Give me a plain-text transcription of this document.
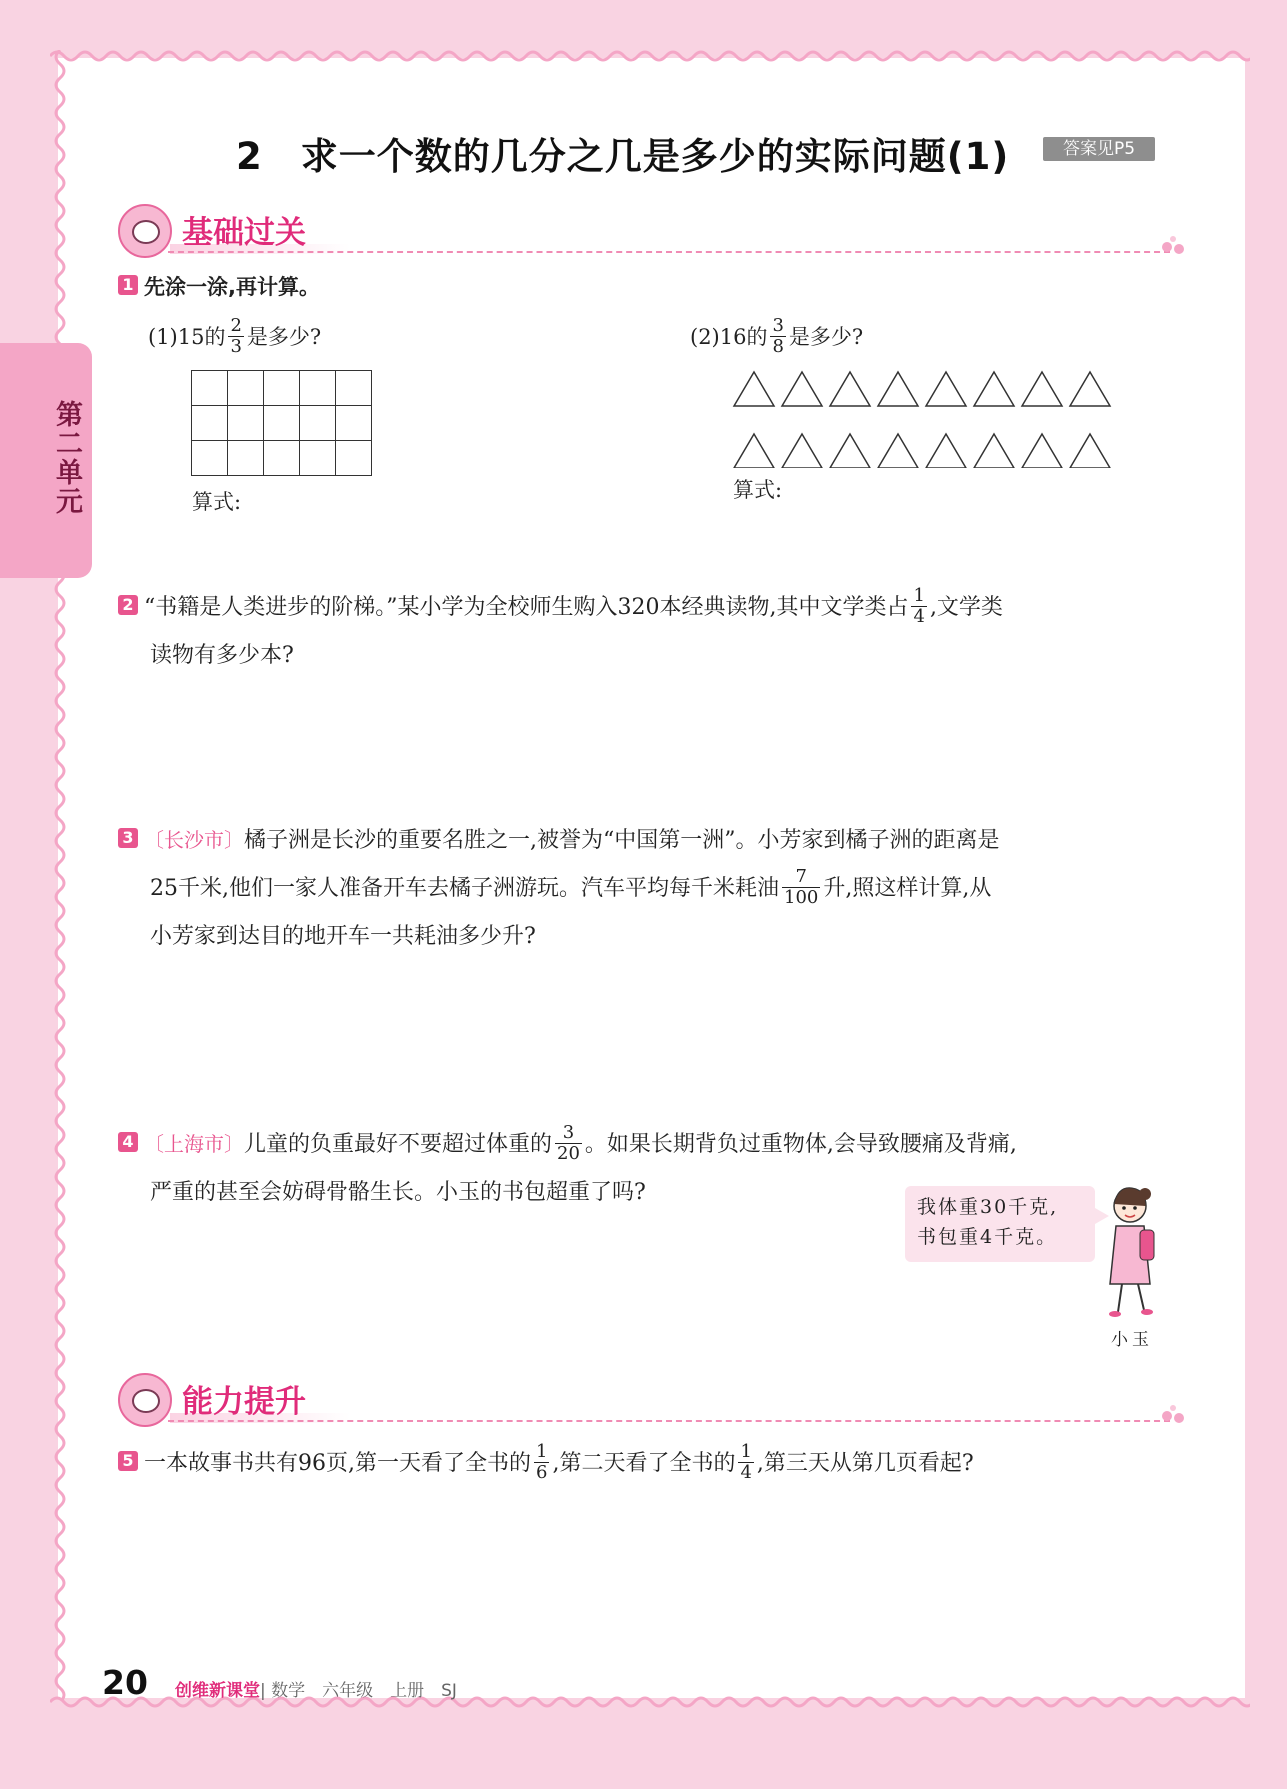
第二单元
2　求一个数的几分之几是多少的实际问题(1)	答案见P5
基础过关
1 先涂一涂,再计算。
(1)15的 $\frac{2}{3}$ 是多少?

算式:
(2)16的 $\frac{3}{8}$ 是多少?
算式:
2 “书籍是人类进步的阶梯。”某小学为全校师生购入320本经典读物,其中文学类占 $\frac{1}{4}$ ,文学类
读物有多少本?
3 〔长沙市〕橘子洲是长沙的重要名胜之一,被誉为“中国第一洲”。小芳家到橘子洲的距离是
25千米,他们一家人准备开车去橘子洲游玩。汽车平均每千米耗油 $\frac{7}{100}$ 升,照这样计算,从
小芳家到达目的地开车一共耗油多少升?
4 〔上海市〕儿童的负重最好不要超过体重的 $\frac{3}{20}$ 。如果长期背负过重物体,会导致腰痛及背痛,
严重的甚至会妨碍骨骼生长。小玉的书包超重了吗?
我体重30千克,
书包重4千克。
小玉
能力提升
5 一本故事书共有96页,第一天看了全书的 $\frac{1}{6}$ ,第二天看了全书的 $\frac{1}{4}$ ,第三天从第几页看起?
20 创维新课堂| 数学　六年级　上册　SJ
